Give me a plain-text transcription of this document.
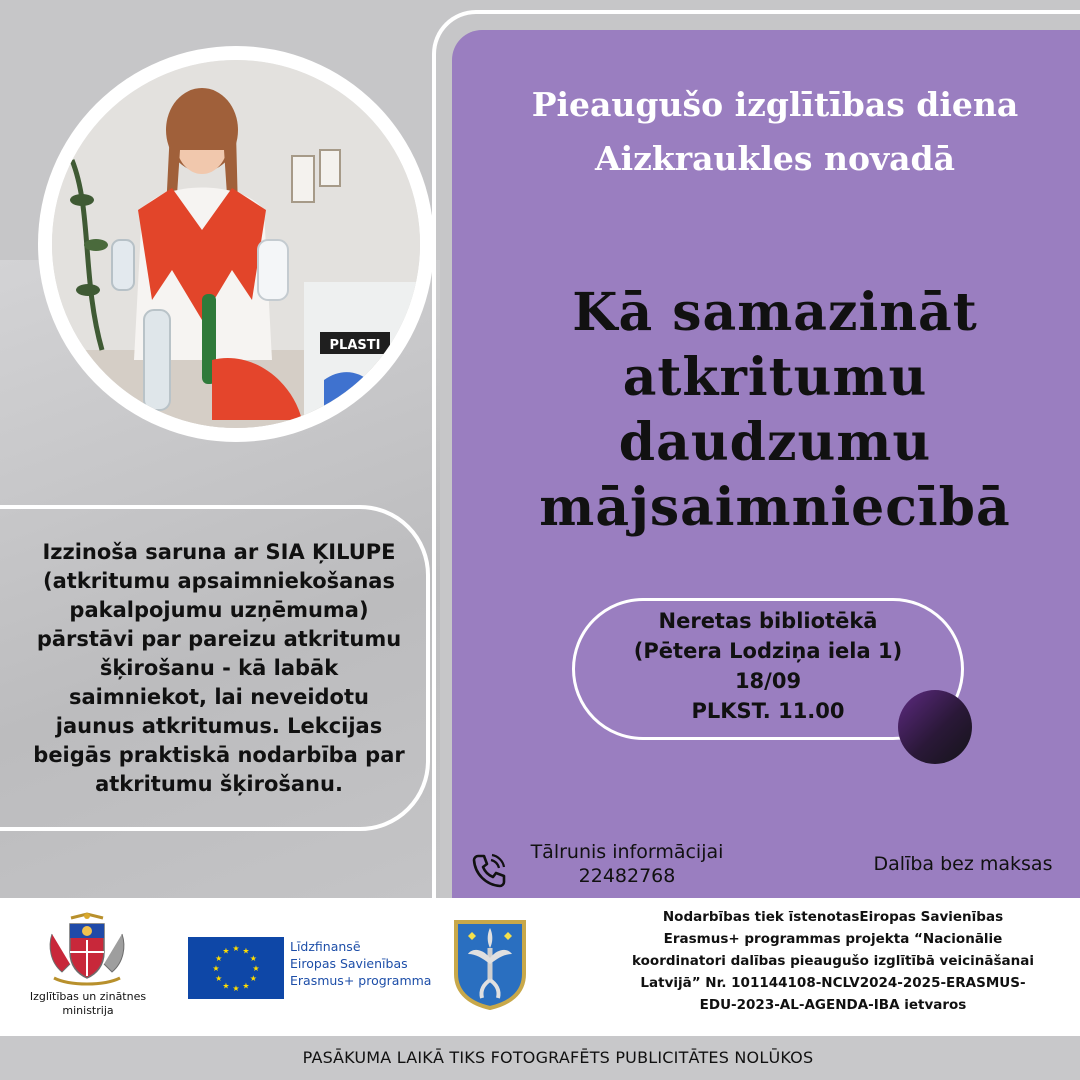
PLASTI
Izzinoša saruna ar SIA ĶILUPE
(atkritumu apsaimniekošanas
pakalpojumu uzņēmuma)
pārstāvi par pareizu atkritumu
šķirošanu - kā labāk
saimniekot, lai neveidotu
jaunus atkritumus. Lekcijas
beigās praktiskā nodarbība par
atkritumu šķirošanu.
Pieaugušo izglītības diena
Aizkraukles novadā
Kā samazināt
atkritumu
daudzumu
mājsaimniecībā
Neretas bibliotēkā
(Pētera Lodziņa iela 1)
18/09
PLKST. 11.00
Tālrunis informācijai
22482768
Dalība bez maksas
Izglītības un zinātnes
ministrija
★
★
★
★
★
★
★
★
★ ★ ★
★
Līdzfinansē
Eiropas Savienības
Erasmus+ programma
Nodarbības tiek īstenotasEiropas Savienības
Erasmus+ programmas projekta “Nacionālie
koordinatori dalības pieaugušo izglītībā veicināšanai
Latvijā” Nr. 101144108-NCLV2024-2025-ERASMUS-
EDU-2023-AL-AGENDA-IBA ietvaros
PASĀKUMA LAIKĀ TIKS FOTOGRAFĒTS PUBLICITĀTES NOLŪKOS
